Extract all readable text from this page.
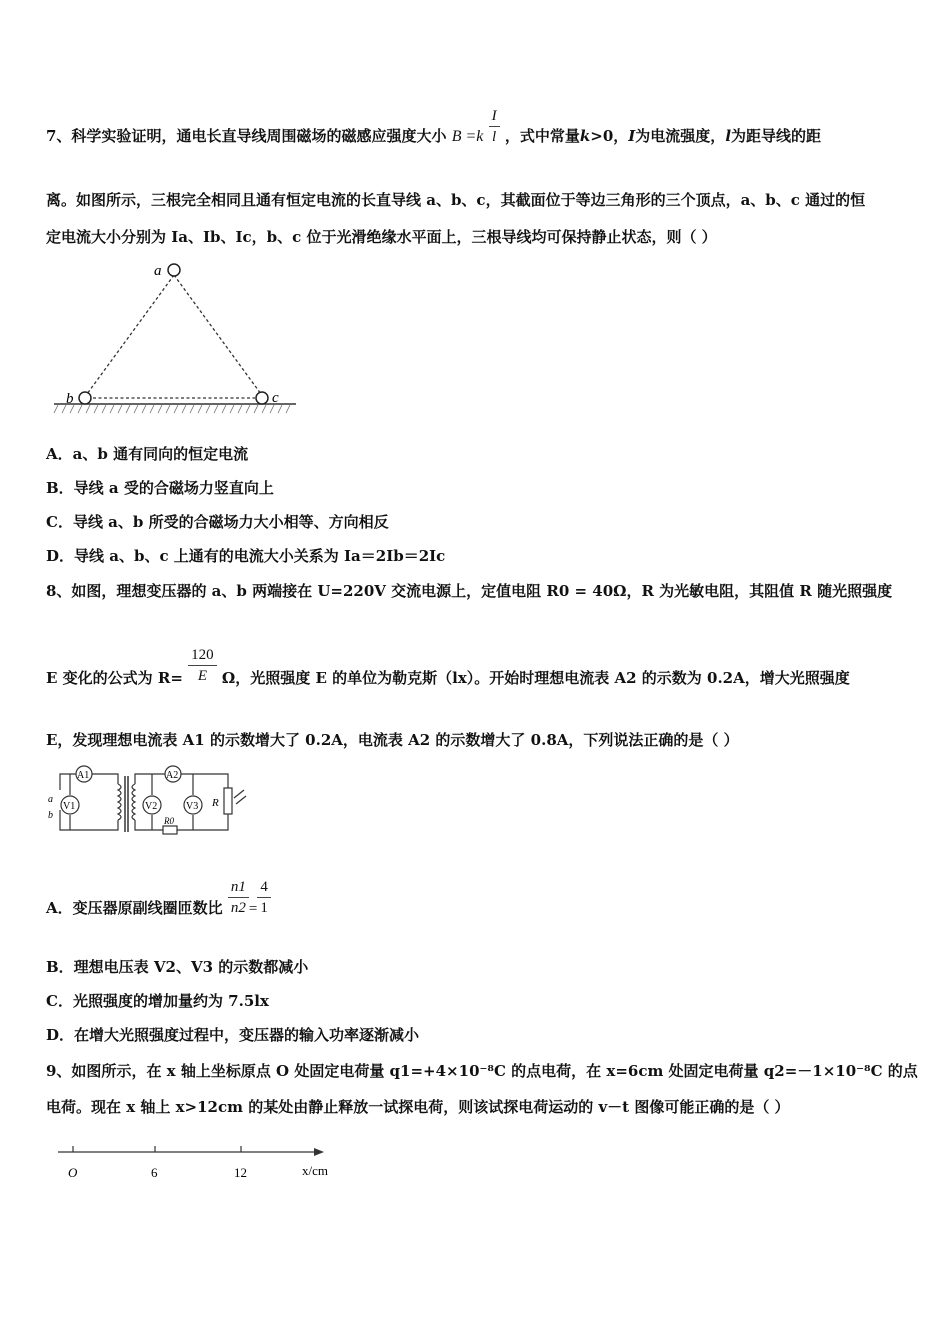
7、科学实验证明，通电长直导线周围磁场的磁感应强度大小 $B =k \frac{I}{l}$ ，式中常量k>0，I为电流强度，l为距导线的距
离。如图所示，三根完全相同且通有恒定电流的长直导线 a、b、c，其截面位于等边三角形的三个顶点，a、b、c 通过的恒
定电流大小分别为 Ia、Ib、Ic，b、c 位于光滑绝缘水平面上，三根导线均可保持静止状态，则（ ）
a
b	c
A．a、b 通有同向的恒定电流
B．导线 a 受的合磁场力竖直向上
C．导线 a、b 所受的合磁场力大小相等、方向相反
D．导线 a、b、c 上通有的电流大小关系为 Ia＝2Ib＝2Ic
8、如图，理想变压器的 a、b 两端接在 U=220V 交流电源上，定值电阻 R0 = 40Ω，R 为光敏电阻，其阻值 R 随光照强度
E 变化的公式为 $R= \frac{120}{E}$ Ω，光照强度 E 的单位为勒克斯（lx）。开始时理想电流表 A2 的示数为 0.2A，增大光照强度
E，发现理想电流表 A1 的示数增大了 0.2A，电流表 A2 的示数增大了 0.8A，下列说法正确的是（ ）
A1
V1
A2
V2	V3 R
R0
a
b
A．变压器原副线圈匝数比 $\frac{n1}{n2} = \frac{4}{1}$
B．理想电压表 V2、V3 的示数都减小
C．光照强度的增加量约为 7.5lx
D．在增大光照强度过程中，变压器的输入功率逐渐减小
9、如图所示，在 x 轴上坐标原点 O 处固定电荷量 q1=+4×10⁻⁸C 的点电荷，在 x=6cm 处固定电荷量 q2=－1×10⁻⁸C 的点
电荷。现在 x 轴上 x>12cm 的某处由静止释放一试探电荷，则该试探电荷运动的 v－t 图像可能正确的是（ ）
O	6	12	x/cm
